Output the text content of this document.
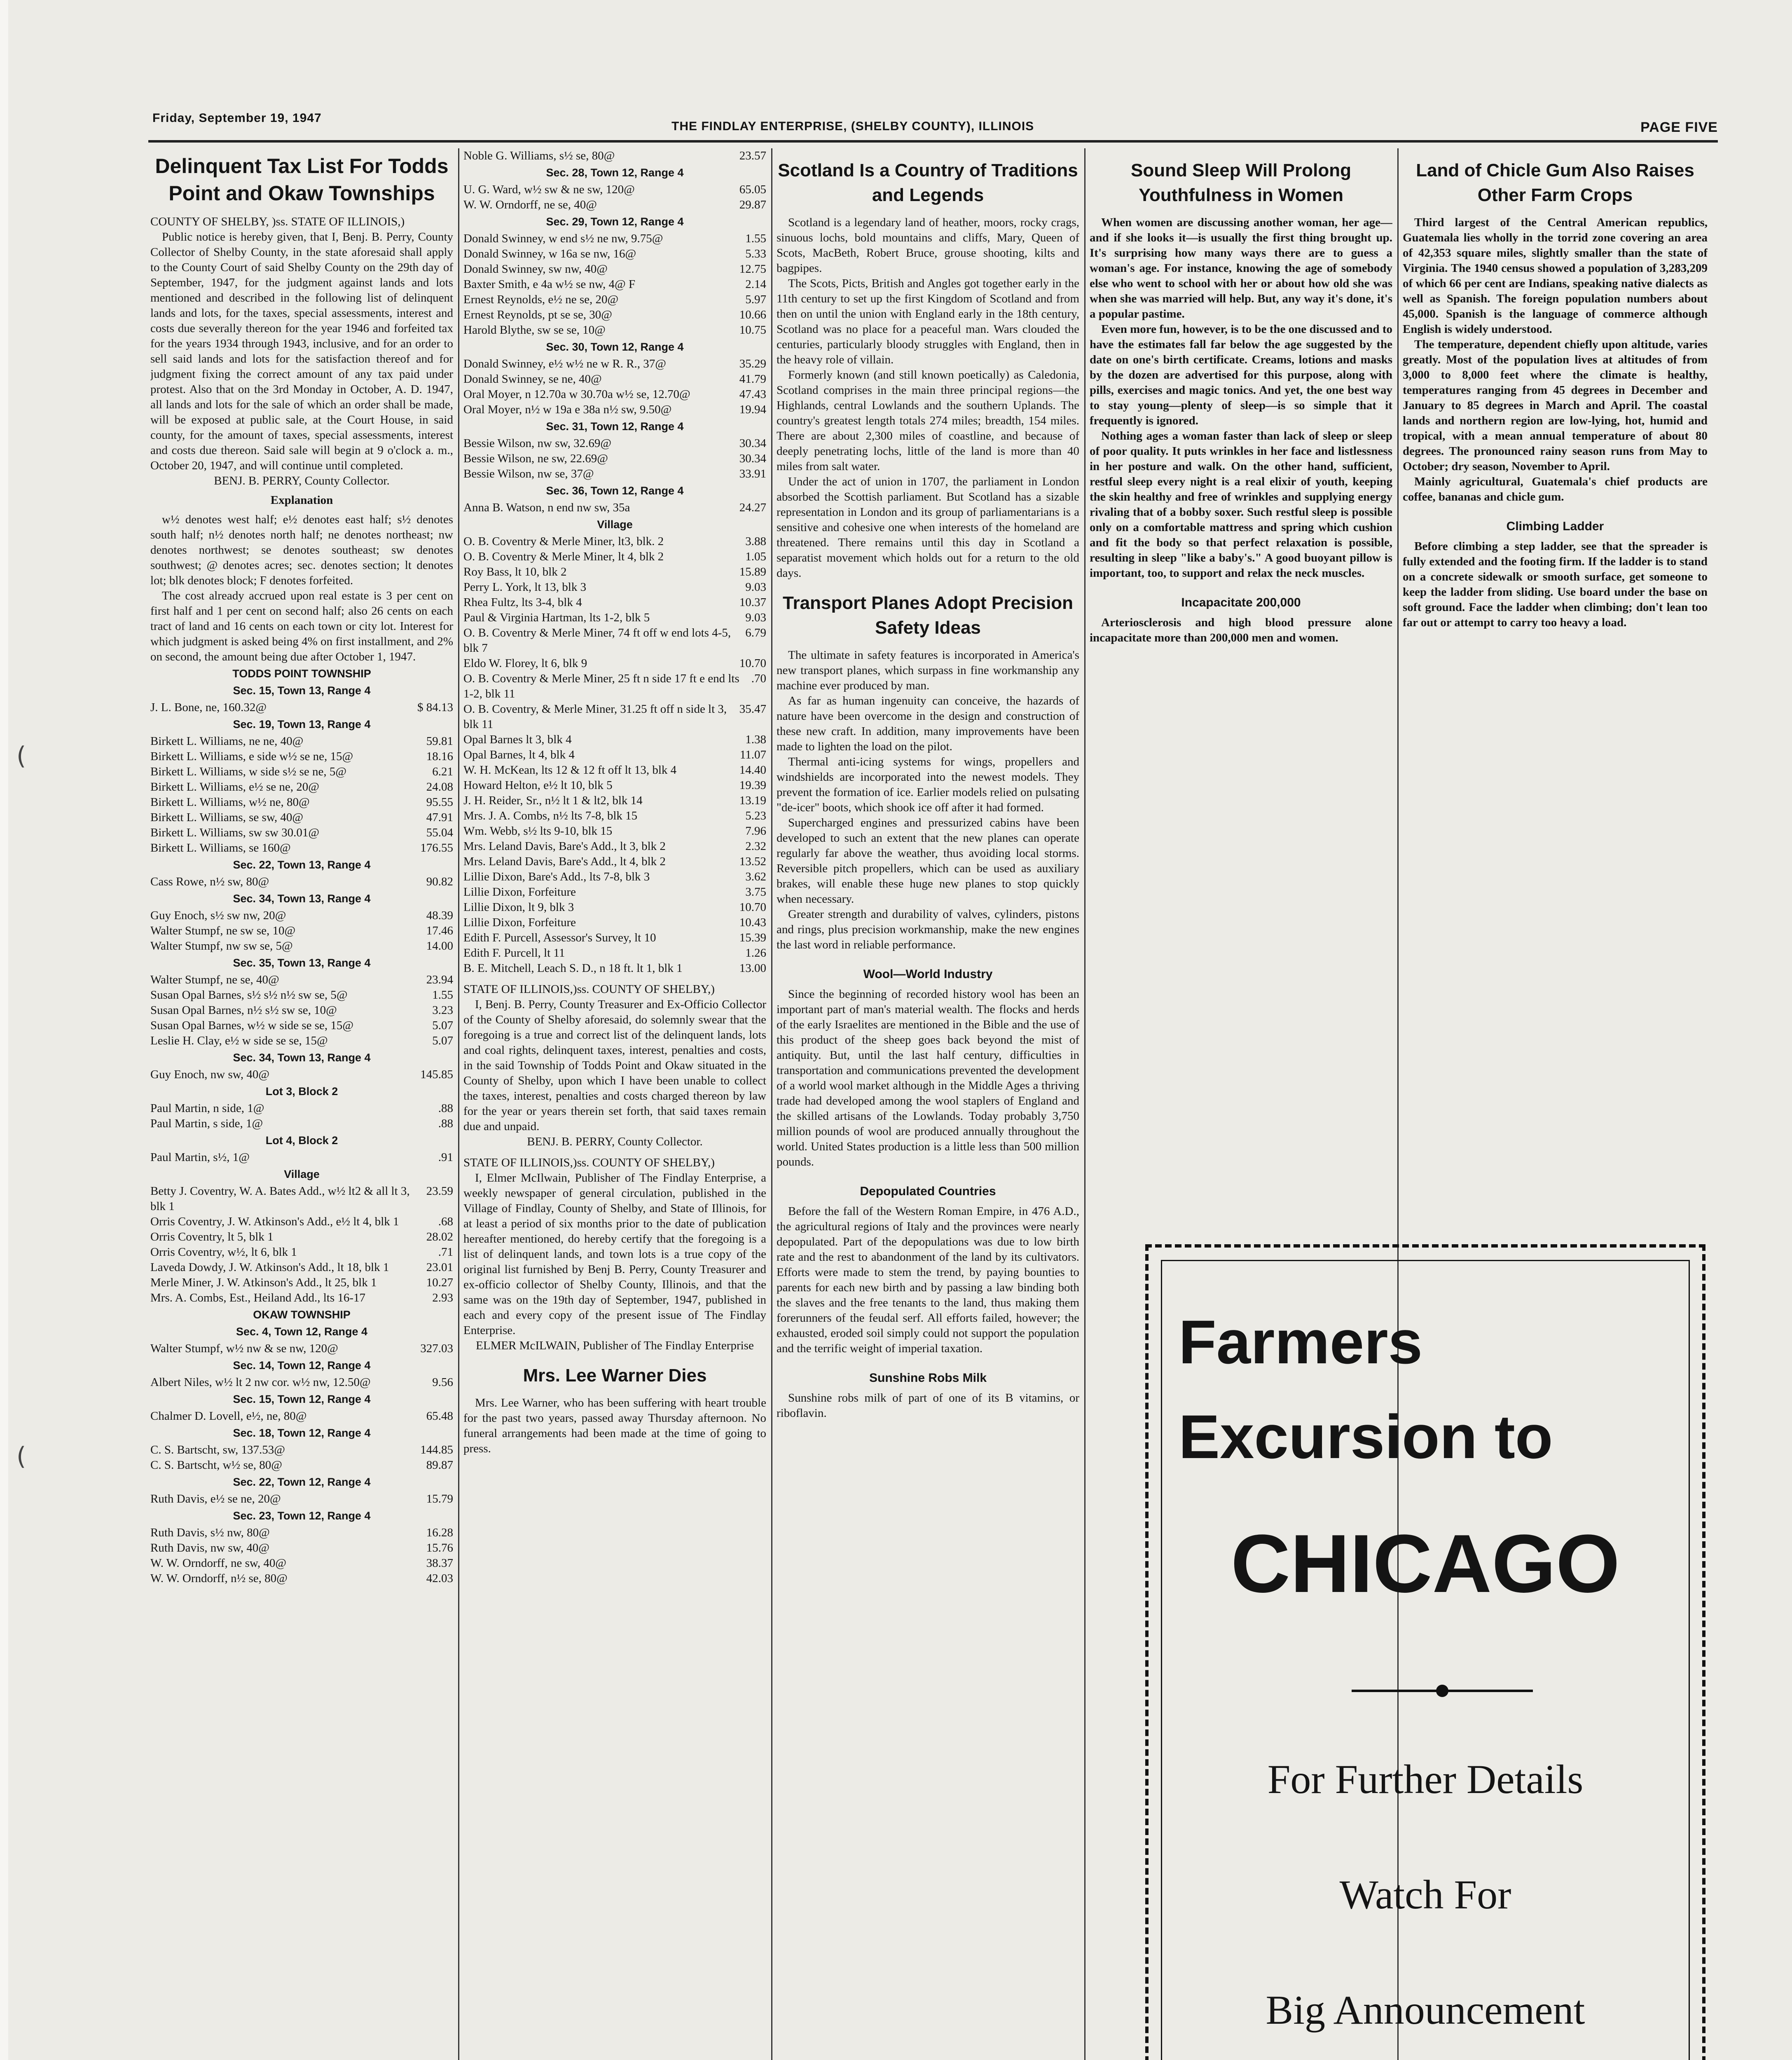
Friday, September 19, 1947
THE FINDLAY ENTERPRISE, (SHELBY COUNTY), ILLINOIS	PAGE FIVE
Delinquent Tax List For Todds Point and Okaw Townships

COUNTY OF SHELBY, )ss. STATE OF ILLINOIS,)

Public notice is hereby given, that I, Benj. B. Perry, County Collector of Shelby County, in the state aforesaid shall apply to the County Court of said Shelby County on the 29th day of September, 1947, for the judgment against lands and lots mentioned and described in the following list of delinquent lands and lots, for the taxes, special assessments, interest and costs due severally thereon for the year 1946 and forfeited tax for the years 1934 through 1943, inclusive, and for an order to sell said lands and lots for the satisfaction thereof and for judgment fixing the correct amount of any tax paid under protest. Also that on the 3rd Monday in October, A. D. 1947, all lands and lots for the sale of which an order shall be made, will be exposed at public sale, at the Court House, in said county, for the amount of taxes, special assessments, interest and costs due thereon. Said sale will begin at 9 o'clock a. m., October 20, 1947, and will continue until completed.

BENJ. B. PERRY, County Collector.

Explanation

w½ denotes west half; e½ denotes east half; s½ denotes south half; n½ denotes north half; ne denotes northeast; nw denotes northwest; se denotes southeast; sw denotes southwest; @ denotes acres; sec. denotes section; lt denotes lot; blk denotes block; F denotes forfeited.

The cost already accrued upon real estate is 3 per cent on first half and 1 per cent on second half; also 26 cents on each tract of land and 16 cents on each town or city lot. Interest for which judgment is asked being 4% on first installment, and 2% on second, the amount being due after October 1, 1947.

TODDS POINT TOWNSHIP
Sec. 15, Town 13, Range 4
J. L. Bone, ne, 160.32@	$ 84.13
Sec. 19, Town 13, Range 4
Birkett L. Williams, ne ne, 40@	59.81
Birkett L. Williams, e side w½ se ne, 15@	18.16
Birkett L. Williams, w side s½ se ne, 5@	6.21
Birkett L. Williams, e½ se ne, 20@	24.08
Birkett L. Williams, w½ ne, 80@	95.55
Birkett L. Williams, se sw, 40@	47.91
Birkett L. Williams, sw sw 30.01@	55.04
Birkett L. Williams, se 160@	176.55
Sec. 22, Town 13, Range 4
Cass Rowe, n½ sw, 80@	90.82
Sec. 34, Town 13, Range 4
Guy Enoch, s½ sw nw, 20@	48.39
Walter Stumpf, ne sw se, 10@	17.46
Walter Stumpf, nw sw se, 5@	14.00
Sec. 35, Town 13, Range 4
Walter Stumpf, ne se, 40@	23.94
Susan Opal Barnes, s½ s½ n½ sw se, 5@	1.55
Susan Opal Barnes, n½ s½ sw se, 10@	3.23
Susan Opal Barnes, w½ w side se se, 15@	5.07
Leslie H. Clay, e½ w side se se, 15@	5.07
Sec. 34, Town 13, Range 4
Guy Enoch, nw sw, 40@	145.85
Lot 3, Block 2
Paul Martin, n side, 1@	.88
Paul Martin, s side, 1@	.88
Lot 4, Block 2
Paul Martin, s½, 1@	.91
Village
Betty J. Coventry, W. A. Bates Add., w½ lt2 & all lt 3, blk 1
23.59
Orris Coventry, J. W. Atkinson's Add., e½ lt 4, blk 1	.68
Orris Coventry, lt 5, blk 1	28.02
Orris Coventry, w½, lt 6, blk 1	.71
Laveda Dowdy, J. W. Atkinson's Add., lt 18, blk 1	23.01
Merle Miner, J. W. Atkinson's Add., lt 25, blk 1	10.27
Mrs. A. Combs, Est., Heiland Add., lts 16-17	2.93
OKAW TOWNSHIP
Sec. 4, Town 12, Range 4
Walter Stumpf, w½ nw & se nw, 120@	327.03
Sec. 14, Town 12, Range 4
Albert Niles, w½ lt 2 nw cor. w½ nw, 12.50@	9.56
Sec. 15, Town 12, Range 4
Chalmer D. Lovell, e½, ne, 80@	65.48
Sec. 18, Town 12, Range 4
C. S. Bartscht, sw, 137.53@	144.85
C. S. Bartscht, w½ se, 80@	89.87
Sec. 22, Town 12, Range 4
Ruth Davis, e½ se ne, 20@	15.79
Sec. 23, Town 12, Range 4
Ruth Davis, s½ nw, 80@	16.28
Ruth Davis, nw sw, 40@	15.76
W. W. Orndorff, ne sw, 40@	38.37
W. W. Orndorff, n½ se, 80@	42.03
Noble G. Williams, s½ se, 80@	23.57
Sec. 28, Town 12, Range 4
U. G. Ward, w½ sw & ne sw, 120@	65.05
W. W. Orndorff, ne se, 40@	29.87
Sec. 29, Town 12, Range 4
Donald Swinney, w end s½ ne nw, 9.75@	1.55
Donald Swinney, w 16a se nw, 16@	5.33
Donald Swinney, sw nw, 40@	12.75
Baxter Smith, e 4a w½ se nw, 4@ F	2.14
Ernest Reynolds, e½ ne se, 20@	5.97
Ernest Reynolds, pt se se, 30@	10.66
Harold Blythe, sw se se, 10@	10.75
Sec. 30, Town 12, Range 4
Donald Swinney, e½ w½ ne w R. R., 37@	35.29
Donald Swinney, se ne, 40@	41.79
Oral Moyer, n 12.70a w 30.70a w½ se, 12.70@	47.43
Oral Moyer, n½ w 19a e 38a n½ sw, 9.50@	19.94
Sec. 31, Town 12, Range 4
Bessie Wilson, nw sw, 32.69@	30.34
Bessie Wilson, ne sw, 22.69@	30.34
Bessie Wilson, nw se, 37@	33.91
Sec. 36, Town 12, Range 4
Anna B. Watson, n end nw sw, 35a	24.27
Village
O. B. Coventry & Merle Miner, lt3, blk. 2	3.88
O. B. Coventry & Merle Miner, lt 4, blk 2	1.05
Roy Bass, lt 10, blk 2	15.89
Perry L. York, lt 13, blk 3	9.03
Rhea Fultz, lts 3-4, blk 4	10.37
Paul & Virginia Hartman, lts 1-2, blk 5	9.03
O. B. Coventry & Merle Miner, 74 ft off w end lots 4-5, blk 7
6.79
Eldo W. Florey, lt 6, blk 9	10.70
O. B. Coventry & Merle Miner, 25 ft n side 17 ft e end lts 1-2, blk 11
.70
O. B. Coventry, & Merle Miner, 31.25 ft off n side lt 3, blk 11
35.47
Opal Barnes lt 3, blk 4	1.38
Opal Barnes, lt 4, blk 4	11.07
W. H. McKean, lts 12 & 12 ft off lt 13, blk 4	14.40
Howard Helton, e½ lt 10, blk 5	19.39
J. H. Reider, Sr., n½ lt 1 & lt2, blk 14	13.19
Mrs. J. A. Combs, n½ lts 7-8, blk 15	5.23
Wm. Webb, s½ lts 9-10, blk 15	7.96
Mrs. Leland Davis, Bare's Add., lt 3, blk 2	2.32
Mrs. Leland Davis, Bare's Add., lt 4, blk 2	13.52
Lillie Dixon, Bare's Add., lts 7-8, blk 3	3.62
Lillie Dixon, Forfeiture	3.75
Lillie Dixon, lt 9, blk 3	10.70
Lillie Dixon, Forfeiture	10.43
Edith F. Purcell, Assessor's Survey, lt 10	15.39
Edith F. Purcell, lt 11	1.26
B. E. Mitchell, Leach S. D., n 18 ft. lt 1, blk 1	13.00

STATE OF ILLINOIS,)ss. COUNTY OF SHELBY,)

I, Benj. B. Perry, County Treasurer and Ex-Officio Collector of the County of Shelby aforesaid, do solemnly swear that the foregoing is a true and correct list of the delinquent lands, lots and coal rights, delinquent taxes, interest, penalties and costs, in the said Township of Todds Point and Okaw situated in the County of Shelby, upon which I have been unable to collect the taxes, interest, penalties and costs charged thereon by law for the year or years therein set forth, that said taxes remain due and unpaid.

BENJ. B. PERRY, County Collector.

STATE OF ILLINOIS,)ss. COUNTY OF SHELBY,)

I, Elmer McIlwain, Publisher of The Findlay Enterprise, a weekly newspaper of general circulation, published in the Village of Findlay, County of Shelby, and State of Illinois, for at least a period of six months prior to the date of publication hereafter mentioned, do hereby certify that the foregoing is a list of delinquent lands, and town lots is a true copy of the original list furnished by Benj B. Perry, County Treasurer and ex-officio collector of Shelby County, Illinois, and that the same was on the 19th day of September, 1947, published in each and every copy of the present issue of The Findlay Enterprise.

ELMER McILWAIN, Publisher of The Findlay Enterprise

Mrs. Lee Warner Dies

Mrs. Lee Warner, who has been suffering with heart trouble for the past two years, passed away Thursday afternoon. No funeral arrangements had been made at the time of going to press.

Scotland Is a Country of Traditions and Legends

Scotland is a legendary land of heather, moors, rocky crags, sinuous lochs, bold mountains and cliffs, Mary, Queen of Scots, MacBeth, Robert Bruce, grouse shooting, kilts and bagpipes.

The Scots, Picts, British and Angles got together early in the 11th century to set up the first Kingdom of Scotland and from then on until the union with England early in the 18th century, Scotland was no place for a peaceful man. Wars clouded the centuries, particularly bloody struggles with England, then in the heavy role of villain.

Formerly known (and still known poetically) as Caledonia, Scotland comprises in the main three principal regions—the Highlands, central Lowlands and the southern Uplands. The country's greatest length totals 274 miles; breadth, 154 miles. There are about 2,300 miles of coastline, and because of deeply penetrating lochs, little of the land is more than 40 miles from salt water.

Under the act of union in 1707, the parliament in London absorbed the Scottish parliament. But Scotland has a sizable representation in London and its group of parliamentarians is a sensitive and cohesive one when interests of the homeland are threatened. There remains until this day in Scotland a separatist movement which holds out for a return to the old days.

Transport Planes Adopt Precision Safety Ideas

The ultimate in safety features is incorporated in America's new transport planes, which surpass in fine workmanship any machine ever produced by man.

As far as human ingenuity can conceive, the hazards of nature have been overcome in the design and construction of these new craft. In addition, many improvements have been made to lighten the load on the pilot.

Thermal anti-icing systems for wings, propellers and windshields are incorporated into the newest models. They prevent the formation of ice. Earlier models relied on pulsating "de-icer" boots, which shook ice off after it had formed.

Supercharged engines and pressurized cabins have been developed to such an extent that the new planes can operate regularly far above the weather, thus avoiding local storms. Reversible pitch propellers, which can be used as auxiliary brakes, will enable these huge new planes to stop quickly when necessary.

Greater strength and durability of valves, cylinders, pistons and rings, plus precision workmanship, make the new engines the last word in reliable performance.

Wool—World Industry

Since the beginning of recorded history wool has been an important part of man's material wealth. The flocks and herds of the early Israelites are mentioned in the Bible and the use of this product of the sheep goes back beyond the mist of antiquity. But, until the last half century, difficulties in transportation and communications prevented the development of a world wool market although in the Middle Ages a thriving trade had developed among the wool staplers of England and the skilled artisans of the Lowlands. Today probably 3,750 million pounds of wool are produced annually throughout the world. United States production is a little less than 500 million pounds.

Depopulated Countries

Before the fall of the Western Roman Empire, in 476 A.D., the agricultural regions of Italy and the provinces were nearly depopulated. Part of the depopulations was due to low birth rate and the rest to abandonment of the land by its cultivators. Efforts were made to stem the trend, by paying bounties to parents for each new birth and by passing a law binding both the slaves and the free tenants to the land, thus making them forerunners of the feudal serf. All efforts failed, however; the exhausted, eroded soil simply could not support the population and the terrific weight of imperial taxation.

Sunshine Robs Milk

Sunshine robs milk of part of one of its B vitamins, or riboflavin.

Sound Sleep Will Prolong Youthfulness in Women

When women are discussing another woman, her age—and if she looks it—is usually the first thing brought up. It's surprising how many ways there are to guess a woman's age. For instance, knowing the age of somebody else who went to school with her or about how old she was when she was married will help. But, any way it's done, it's a popular pastime.

Even more fun, however, is to be the one discussed and to have the estimates fall far below the age suggested by the date on one's birth certificate. Creams, lotions and masks by the dozen are advertised for this purpose, along with pills, exercises and magic tonics. And yet, the one best way to stay young—plenty of sleep—is so simple that it frequently is ignored.

Nothing ages a woman faster than lack of sleep or sleep of poor quality. It puts wrinkles in her face and listlessness in her posture and walk. On the other hand, sufficient, restful sleep every night is a real elixir of youth, keeping the skin healthy and free of wrinkles and supplying energy rivaling that of a bobby soxer. Such restful sleep is possible only on a comfortable mattress and spring which cushion and fit the body so that perfect relaxation is possible, resulting in sleep "like a baby's." A good buoyant pillow is important, too, to support and relax the neck muscles.

Incapacitate 200,000

Arteriosclerosis and high blood pressure alone incapacitate more than 200,000 men and women.

Land of Chicle Gum Also Raises Other Farm Crops

Third largest of the Central American republics, Guatemala lies wholly in the torrid zone covering an area of 42,353 square miles, slightly smaller than the state of Virginia. The 1940 census showed a population of 3,283,209 of which 66 per cent are Indians, speaking native dialects as well as Spanish. The foreign population numbers about 45,000. Spanish is the language of commerce although English is widely understood.

The temperature, dependent chiefly upon altitude, varies greatly. Most of the population lives at altitudes of from 3,000 to 8,000 feet where the climate is healthy, temperatures ranging from 45 degrees in December and January to 85 degrees in March and April. The coastal lands and northern region are low-lying, hot, humid and tropical, with a mean annual temperature of about 80 degrees. The pronounced rainy season runs from May to October; dry season, November to April.

Mainly agricultural, Guatemala's chief products are coffee, bananas and chicle gum.

Climbing Ladder

Before climbing a step ladder, see that the spreader is fully extended and the footing firm. If the ladder is to stand on a concrete sidewalk or smooth surface, get someone to keep the ladder from sliding. Use board under the base on soft ground. Face the ladder when climbing; don't lean too far out or attempt to carry too heavy a load.

Farmers
Excursion to
CHICAGO
For Further Details
Watch For
Big Announcement
(
(
